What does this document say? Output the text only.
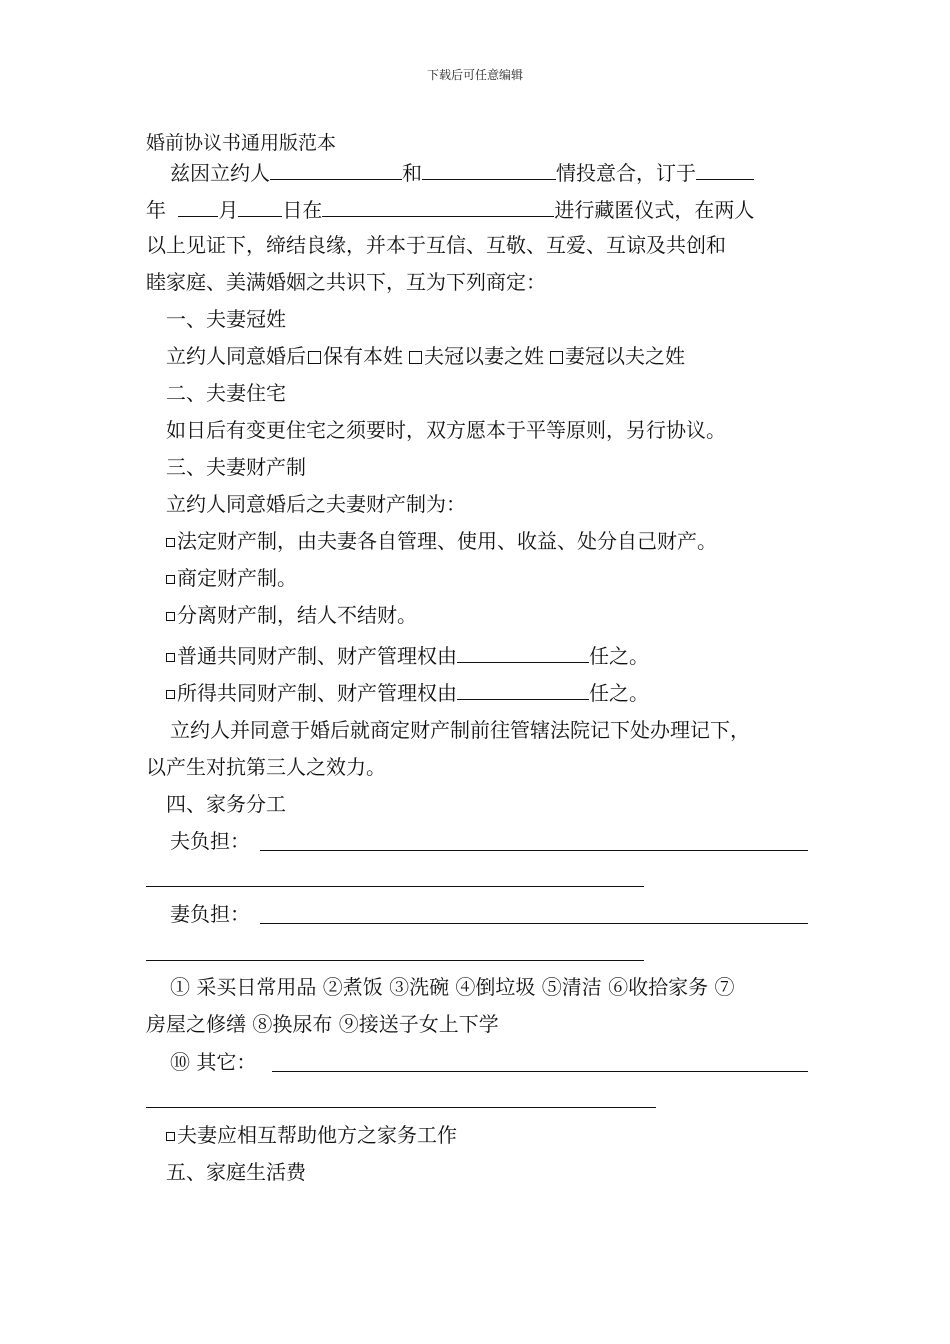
下载后可任意编辑
婚前协议书通用版范本
兹因立约人	和	情投意合，订于
年	月 日在	进行藏匿仪式，在两人
以上见证下，缔结良缘，并本于互信、互敬、互爱、互谅及共创和
睦家庭、美满婚姻之共识下，互为下列商定：
一、夫妻冠姓
立约人同意婚后 保有本姓 夫冠以妻之姓 妻冠以夫之姓
二、夫妻住宅
如日后有变更住宅之须要时，双方愿本于平等原则，另行协议。
三、夫妻财产制
立约人同意婚后之夫妻财产制为：
法定财产制，由夫妻各自管理、使用、收益、处分自己财产。
商定财产制。
分离财产制，结人不结财。
普通共同财产制、财产管理权由	任之。
所得共同财产制、财产管理权由	任之。
立约人并同意于婚后就商定财产制前往管辖法院记下处办理记下，
以产生对抗第三人之效力。
四、家务分工
夫负担：
妻负担：
① 采买日常用品 ②煮饭 ③洗碗 ④倒垃圾 ⑤清洁 ⑥收拾家务 ⑦
房屋之修缮 ⑧换尿布 ⑨接送子女上下学
⑩ 其它：
夫妻应相互帮助他方之家务工作
五、家庭生活费
